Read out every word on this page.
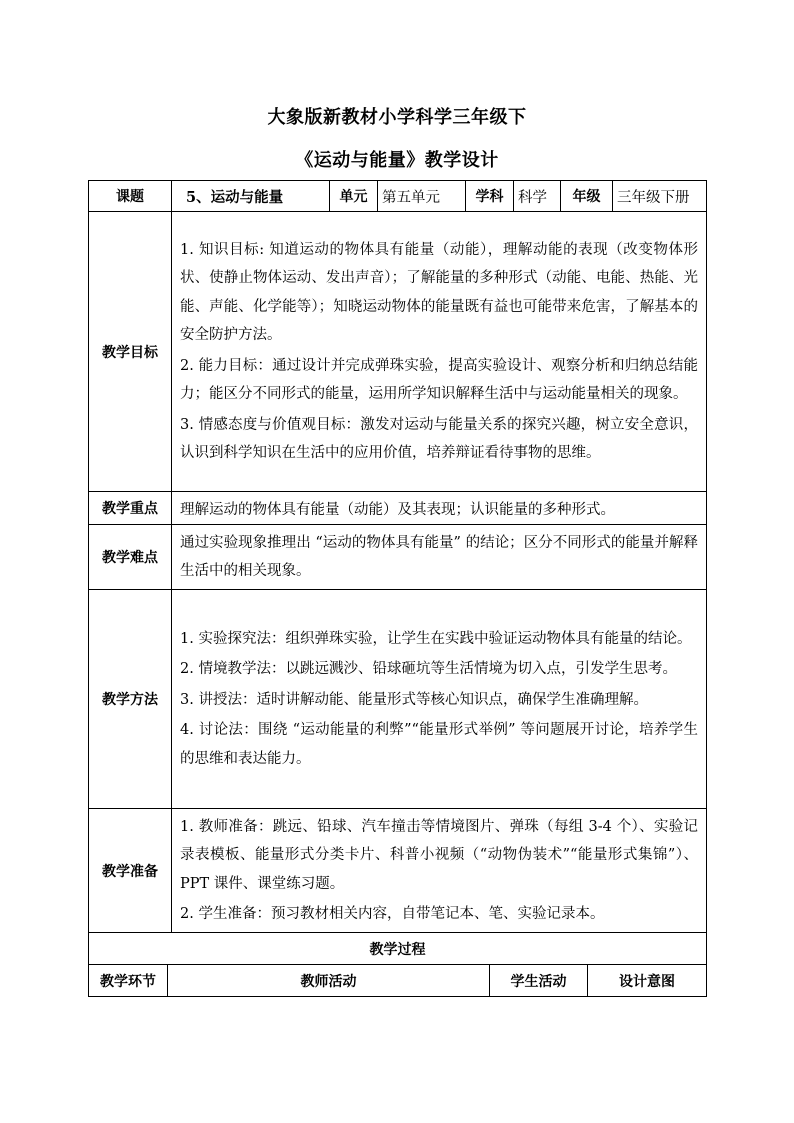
大象版新教材小学科学三年级下
《运动与能量》教学设计
课题	5、运动与能量	单元	第五单元	学科	科学	年级	三年级下册
教学目标	1. 知识目标: 知道运动的物体具有能量（动能），理解动能的表现（改变物体形状、使静止物体运动、发出声音）；了解能量的多种形式（动能、电能、热能、光能、声能、化学能等）；知晓运动物体的能量既有益也可能带来危害，了解基本的安全防护方法。
2. 能力目标：通过设计并完成弹珠实验，提高实验设计、观察分析和归纳总结能力；能区分不同形式的能量，运用所学知识解释生活中与运动能量相关的现象。
3. 情感态度与价值观目标：激发对运动与能量关系的探究兴趣，树立安全意识，认识到科学知识在生活中的应用价值，培养辩证看待事物的思维。						

教学重点	理解运动的物体具有能量（动能）及其表现；认识能量的多种形式。						
教学难点	通过实验现象推理出 “运动的物体具有能量” 的结论；区分不同形式的能量并解释生活中的相关现象。						

教学方法	1. 实验探究法：组织弹珠实验，让学生在实践中验证运动物体具有能量的结论。
2. 情境教学法：以跳远溅沙、铅球砸坑等生活情境为切入点，引发学生思考。
3. 讲授法：适时讲解动能、能量形式等核心知识点，确保学生准确理解。
4. 讨论法：围绕 “运动能量的利弊”“能量形式举例” 等问题展开讨论，培养学生的思维和表达能力。						

教学准备	1. 教师准备：跳远、铅球、汽车撞击等情境图片、弹珠（每组 3-4 个）、实验记录表模板、能量形式分类卡片、科普小视频（“动物伪装术”“能量形式集锦”）、PPT 课件、课堂练习题。
2. 学生准备：预习教材相关内容，自带笔记本、笔、实验记录本。						
教学过程
教学环节	教师活动	学生活动	设计意图
